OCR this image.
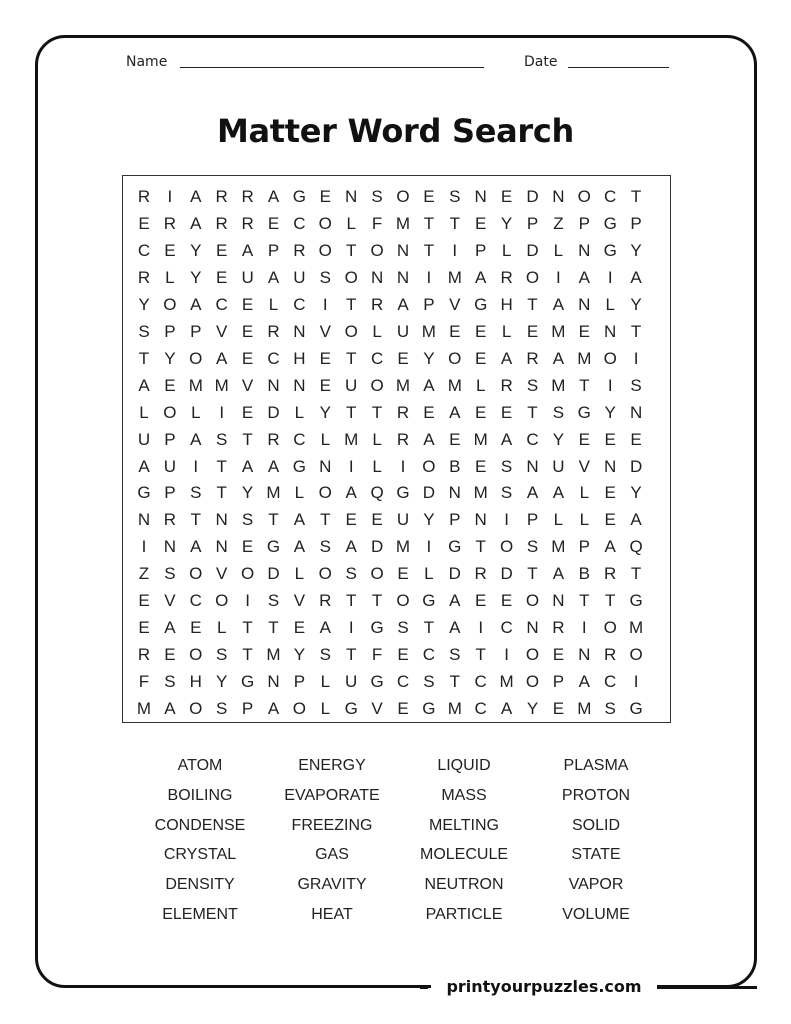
Name	Date
Matter Word Search
R	I	A R R A G E N S O E S N E D N O C T
E R A R R E C O L F M T T E Y P Z P G P
C E Y E A P R O T O N T	I	P L D L N G Y
R L Y E U A U S O N N	I M A R O I	A	I	A
Y O A C E L C	I	T R A P V G H T A N L Y
S P P V E R N V O L U M E E L E M E N T
T Y O A E C H E T C E Y O E A R A M O I
A E M M V N N E U O M A M L R S M T	I	S
L O L	I	E D L Y T T R E A E E T S G Y N
U P A S T R C L M L R A E M A C Y E E E
A U	I	T A A G N	I	L	I O B E S N U V N D
G P S T Y M L O A Q G D N M S A A L E Y
N R T N S T A T E E U Y P N	I	P L L E A
I	N A N E G A S A D M I G T O S M P A Q
Z S O V O D L O S O E L D R D T A B R T
E V C O I	S V R T T O G A E E O N T T G
E A E L T T E A	I G S T A	I	C N R	I O M
R E O S T M Y S T F E C S T	I O E N R O
F S H Y G N P L U G C S T C M O P A C	I
M A O S P A O L G V E G M C A Y E M S G
ATOM
BOILING
CONDENSE
CRYSTAL
DENSITY
ELEMENT
ENERGY
EVAPORATE
FREEZING
GAS
GRAVITY
HEAT
LIQUID
MASS
MELTING
MOLECULE
NEUTRON
PARTICLE
PLASMA
PROTON
SOLID
STATE
VAPOR
VOLUME
printyourpuzzles.com
